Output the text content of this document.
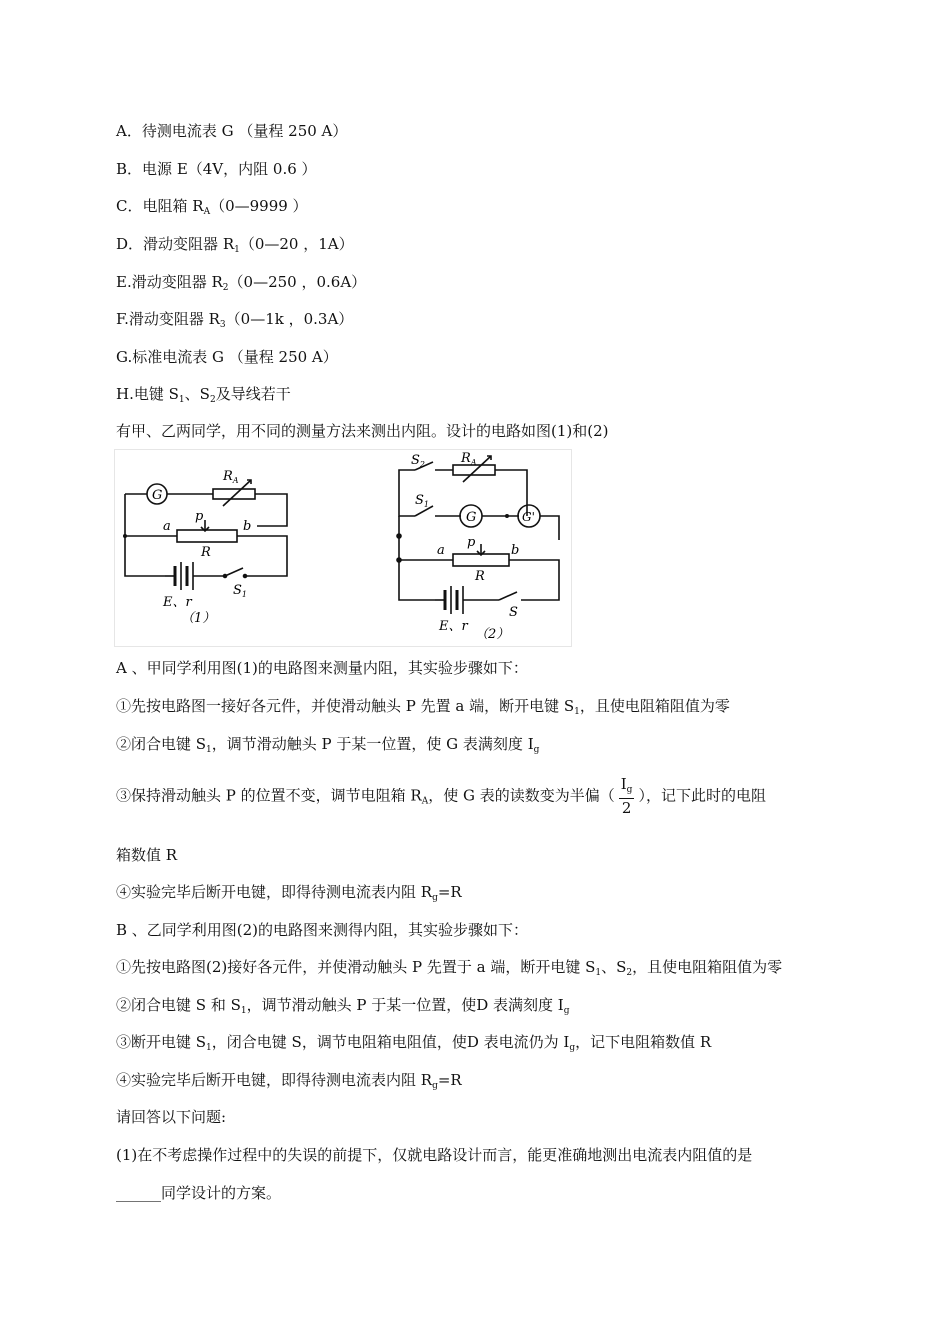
A．待测电流表 G （量程 250 A）
B．电源 E（4V，内阻 0.6 ）
C．电阻箱 $R_A(0—9999$ ）
D．滑动变阻器 $R_1(0—20$ ，1A）
E.滑动变阻器 $R_2(0—250$ ，0.6A）
F.滑动变阻器 $R_3(0—1k$ ，0.3A）
G.标准电流表 G （量程 250 A）
H.电键 $S_1$、$S_2$及导线若干
有甲、乙两同学，用不同的测量方法来测出内阻。设计的电路如图(1)和(2)
G
$R_A$
p
a	b
R
E、r
$S_1$
（1）
$S_2$	$R_A$
$S_1$
G	G'
p
a	b
R
E、r
S
（2）
A 、甲同学利用图(1)的电路图来测量内阻，其实验步骤如下：
①先按电路图一接好各元件，并使滑动触头 P 先置 a 端，断开电键 $S_1$，且使电阻箱阻值为零
②闭合电键 $S_1$，调节滑动触头 P 于某一位置，使 G 表满刻度 $I_g$
③保持滑动触头 P 的位置不变，调节电阻箱 $R_A$，使 G 表的读数变为半偏（ $\frac{I_g}{2}$ ），记下此时的电阻
箱数值 R
④实验完毕后断开电键，即得待测电流表内阻 $R_g=R$
B 、乙同学利用图(2)的电路图来测得内阻，其实验步骤如下：
①先按电路图(2)接好各元件，并使滑动触头 P 先置于 a 端，断开电键 $S_1$、$S_2$，且使电阻箱阻值为零
②闭合电键 S 和 $S_1$，调节滑动触头 P 于某一位置，使D 表满刻度 $I_g$
③断开电键 $S_1$，闭合电键 S，调节电阻箱电阻值，使D 表电流仍为 $I_g$，记下电阻箱数值 R
④实验完毕后断开电键，即得待测电流表内阻 $R_g=R$
请回答以下问题:
(1)在不考虑操作过程中的失误的前提下，仅就电路设计而言，能更准确地测出电流表内阻值的是
______同学设计的方案。
